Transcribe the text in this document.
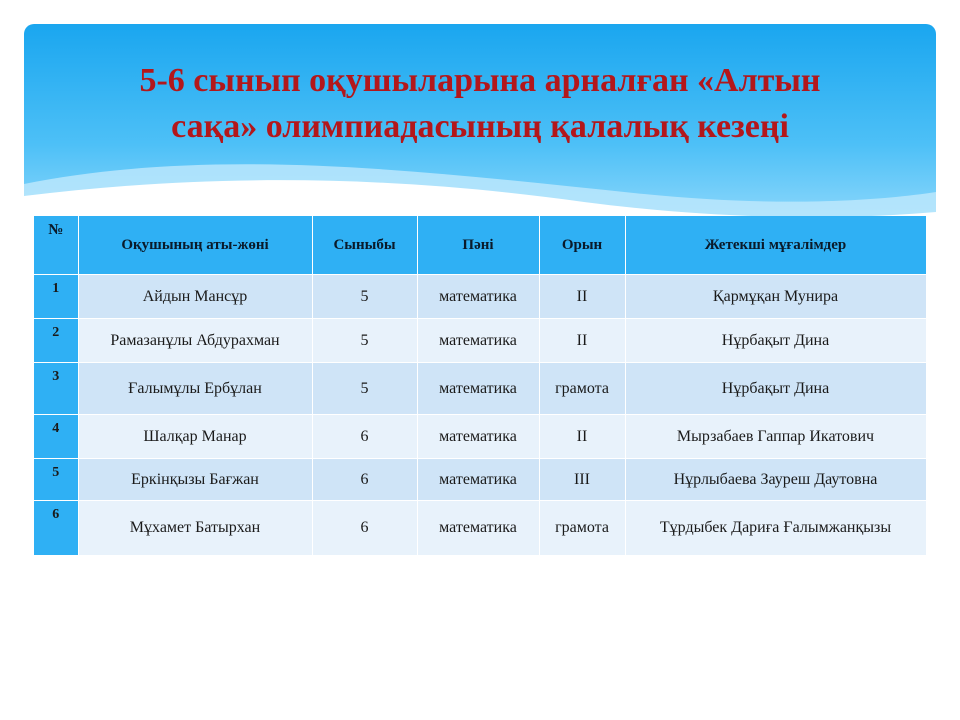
5-6 сынып оқушыларына арналған «Алтын
сақа» олимпиадасының қалалық кезеңі
№	Оқушының аты-жөні	Сыныбы	Пәні	Орын	Жетекші мұғалімдер
1	Айдын Мансұр	5	математика	II	Қармұқан Мунира
2	Рамазанұлы Абдурахман	5	математика	II	Нұрбақыт Дина
3	Ғалымұлы Ербұлан	5	математика	грамота	Нұрбақыт Дина
4	Шалқар Манар	6	математика	II	Мырзабаев Гаппар Икатович
5	Еркінқызы Бағжан	6	математика	III	Нұрлыбаева Зауреш Даутовна
6	Мұхамет Батырхан	6	математика	грамота	Тұрдыбек Дариға Ғалымжанқызы
